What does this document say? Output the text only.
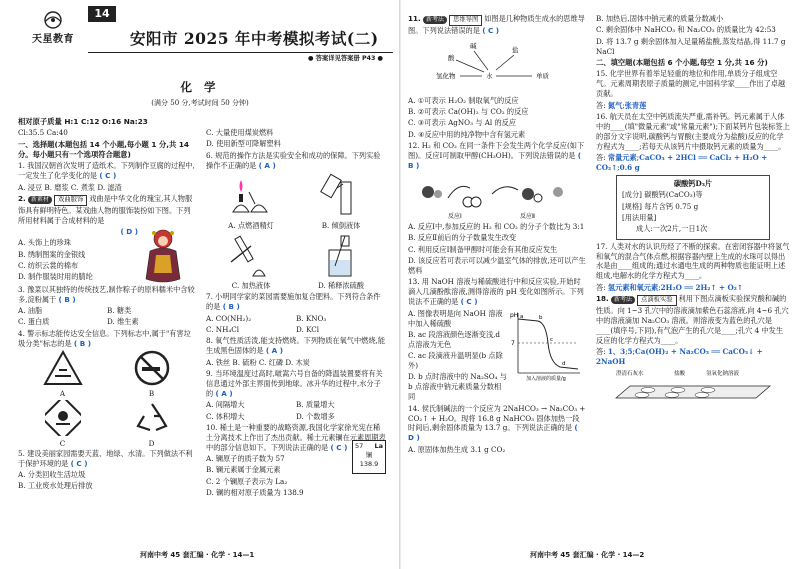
14
天星教育	安阳市 2025 年中考模拟考试(二)
● 答案详见答案册 P43 ●
化 学
(满分 50 分,考试时间 50 分钟)

相对原子质量 H:1 C:12 O:16 Na:23

Cl:35.5 Ca:40

一、选择题(本题包括 14 个小题,每小题 1 分,共 14 分。每小题只有一个选项符合题意)

1. 我国汉朝首次发明了造纸术。下列制作豆腐的过程中,一定发生了化学变化的是 ( C )

A. 浸豆 B. 磨浆 C. 煮浆 D. 滤渣

2. 新素材 戏曲服饰 戏曲是中华文化的瑰宝,其人物服饰具有鲜明特色。某戏曲人物的服饰装扮如下图。下列所用材料属于合成材料的是

( D )

A. 头饰上的珍珠

B. 绣制图案的金银线

C. 纺织云裳的棉布

D. 制作服装时用的腈纶

3. 豫菜以其独特的传统技艺,制作粽子的原料糯米中含较多,淀粉属于 ( B )

A. 油脂	B. 糖类

C. 蛋白质	D. 维生素

4. 警示标志能传达安全信息。下列标志中,属于"有害垃圾分类"标志的是 ( B )

A	B
C	D

5. 建设美丽家园需要天蓝、地绿、水清。下列做法不利于保护环境的是 ( C )

A. 分类回收生活垃圾

B. 工业废水处理后排放

C. 大量使用煤炭燃料

D. 使用新型可降解塑料

6. 规范的操作方法是实验安全和成功的保障。下列实验操作不正确的是 ( A )

A. 点燃酒精灯	B. 倾倒液体

C. 加热液体	D. 稀释浓硫酸

7. 小明同学家的菜园需要施加复合肥料。下列符合条件的是 ( B )

A. CO(NH₂)₂	B. KNO₃

C. NH₄Cl	D. KCl

8. 氧气性质活泼,能支持燃烧。下列物质在氧气中燃烧,能生成黑色固体的是 ( A )

A. 铁丝 B. 硫粉 C. 红磷 D. 木炭

9. 当环境温度过高时,啵嵩六号自备的降温装置要将有关信息通过外部主界面传到地球。冰升华的过程中,水分子的 ( A )

A. 间隔增大	B. 质量增大

C. 体积增大	D. 个数增多

10. 稀土是一种重要的战略资源,我国化学家徐光宪在稀土分离技术上作出了杰出贡献。稀土元素镧在元素周期表中的部分信息如下。下列说法正确的是 ( C )

A. 镧原子的质子数为 57

B. 镧元素属于金属元素

C. 2 个镧原子表示为 La₂

D. 镧的相对原子质量为 138.9

57 La
镧
138.9
河南中考 45 套汇编 · 化学 · 14—1

11. 新考法 思维导图 如图是几种物质生成水的思维导图。下列说法错误的是 ( C )

碱	盐
酸
氢化物	水	单质

A. ①可表示 H₂O₂ 制取氧气的反应

B. ②可表示 Ca(OH)₂ 与 CO₂ 的反应

C. ③可表示 AgNO₃ 与 Al 的反应

D. ④反应中用的纯净物中含有氢元素

12. H₂ 和 CO₂ 在同一条件下会发生两个化学反应(如下图)。反应Ⅰ可制取甲醇(CH₃OH)。下列说法错误的是 ( B )

反应Ⅰ	反应Ⅱ

A. 反应Ⅰ中,参加反应的 H₂ 和 CO₂ 的分子个数比为 3:1

B. 反应Ⅱ前后的分子数量发生改变

C. 利用反应Ⅰ制备甲醇时可能会有其他反应发生

D. 该反应若可表示可以减少温室气体的排放,还可以产生燃料

13. 用 NaOH 溶液与稀硫酸进行中和反应实验,开始时滴入几滴酚酞溶液,测得溶液的 pH 变化如图所示。下列说法不正确的是 ( C )

A. 图像表明是向 NaOH 溶液中加入稀硫酸

B. ac 段溶液颜色逐渐变浅,d 点溶液为无色

C. ac 段滴液升温明显(b 点除外)

D. b 点时溶液中的 Na₂SO₄ 与 b 点溶液中钠元素质量分数相同

pH
7
a	b
c
d
加入溶液的质量/g

14. 侯氏制碱法的一个反应为 2NaHCO₃ → Na₂CO₃ + CO₂↑ + H₂O。现将 16.8 g NaHCO₃ 固体加热一段时间后,剩余固体质量为 13.7 g。下列说法正确的是 ( D )

A. 原固体加热生成 3.1 g CO₂

B. 加热后,固体中钠元素的质量分数减小

C. 剩余固体中 NaHCO₃ 和 Na₂CO₃ 的质量比为 42:53

D. 将 13.7 g 剩余固体加入足量稀盐酸,蒸发结晶,得 11.7 g NaCl

二、填空题(本题包括 6 个小题,每空 1 分,共 16 分)

15. 化学世界有着举足轻重的地位和作用,单质分子组成空气。元素周期表原子质量的测定,中国科学家____作出了卓越贡献。

答: 氮气;张青莲

16. 航天员在太空中钙质流失严重,需补钙。钙元素属于人体中的____(填"微量元素"或"常量元素");下面某钙片包装标签上的部分文字说明,碳酸钙与胃酸(主要成分为盐酸)反应的化学方程式为____;若每天从该钙片中摄取钙元素的质量为____。

答: 常量元素;CaCO₃ + 2HCl ══ CaCl₂ + H₂O + CO₂↑;0.6 g

碳酸钙D₃片

[成分] 碳酸钙(CaCO₃)等

[规格] 每片含钙 0.75 g

[用法用量]

成人:一次2片,一日1次

17. 人类对水的认识历经了不断的探索。在密闭容器中将氢气和氧气的混合气体点燃,根据容器内壁上生成的水珠可以得出水是由____组成的;通过水通电生成的两种物质也能证明上述组成,电解水的化学方程式为____。

答: 氢元素和氧元素;2H₂O ══ 2H₂↑ + O₂↑

18. 新考法 点滴板实验 利用下图点滴板实验探究酸和碱的性质。向 1~3 孔穴中的溶液滴加紫色石蕊溶液,向 4~6 孔穴中的溶液滴加 Na₂CO₃ 溶液。则溶液变为蓝色的孔穴是____(填序号,下同),有气泡产生的孔穴是____;孔穴 4 中发生反应的化学方程式为____。

答: 1、3;5;Ca(OH)₂ + Na₂CO₃ ══ CaCO₃↓ + 2NaOH

澄清石灰水	盐酸	氢氧化钠溶液
河南中考 45 套汇编 · 化学 · 14—2
